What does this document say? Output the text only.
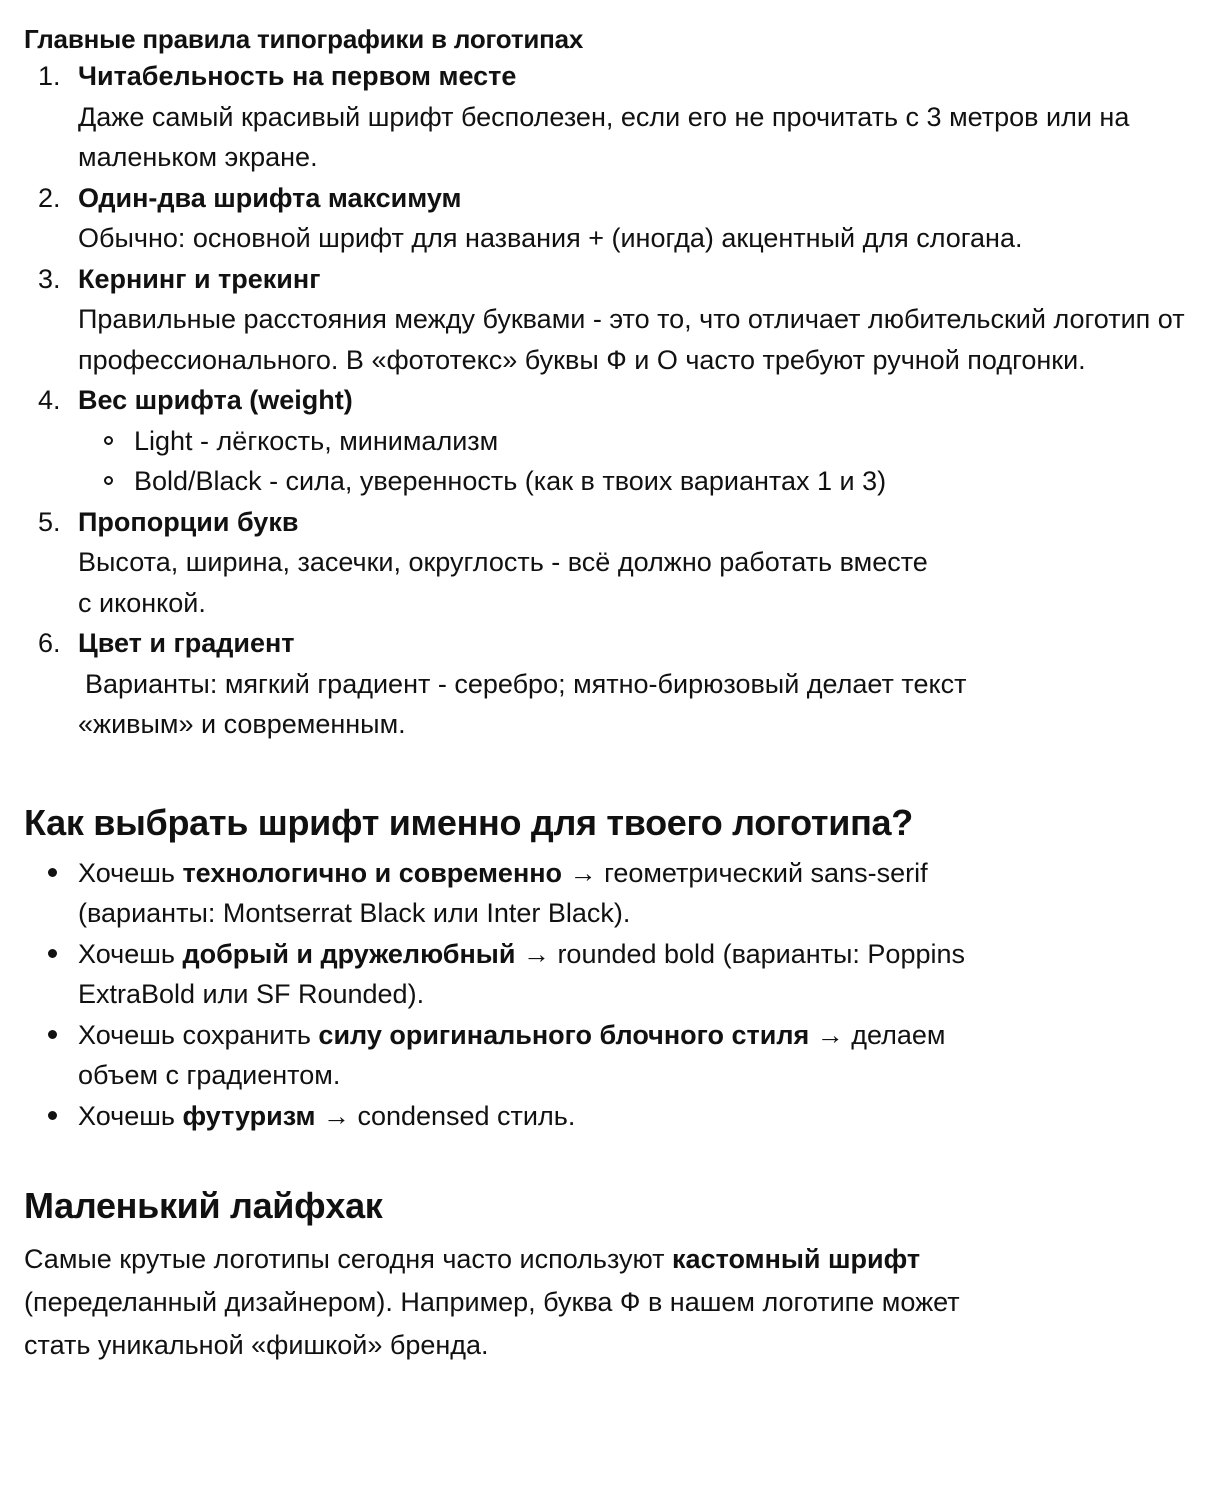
Главные правила типографики в логотипах
1. Читабельность на первом месте
Даже самый красивый шрифт бесполезен, если его не прочитать с 3 метров или на маленьком экране.
2. Один-два шрифта максимум
Обычно: основной шрифт для названия + (иногда) акцентный для слогана.
3. Кернинг и трекинг
Правильные расстояния между буквами - это то, что отличает любительский логотип от профессионального. В «фототекс» буквы Ф и О часто требуют ручной подгонки.
4. Вес шрифта (weight)
Light - лёгкость, минимализм
Bold/Black - сила, уверенность (как в твоих вариантах 1 и 3)
5. Пропорции букв
Высота, ширина, засечки, округлость - всё должно работать вместе
с иконкой.
6. Цвет и градиент
Варианты: мягкий градиент - серебро; мятно-бирюзовый делает текст
«живым» и современным.
Как выбрать шрифт именно для твоего логотипа?
Хочешь технологично и современно → геометрический sans-serif
(варианты: Montserrat Black или Inter Black).
Хочешь добрый и дружелюбный → rounded bold (варианты: Poppins
ExtraBold или SF Rounded).
Хочешь сохранить силу оригинального блочного стиля → делаем
объем с градиентом.
Хочешь футуризм → condensed стиль.
Маленький лайфхак

Самые крутые логотипы сегодня часто используют кастомный шрифт
(переделанный дизайнером). Например, буква Ф в нашем логотипе может
стать уникальной «фишкой» бренда.
